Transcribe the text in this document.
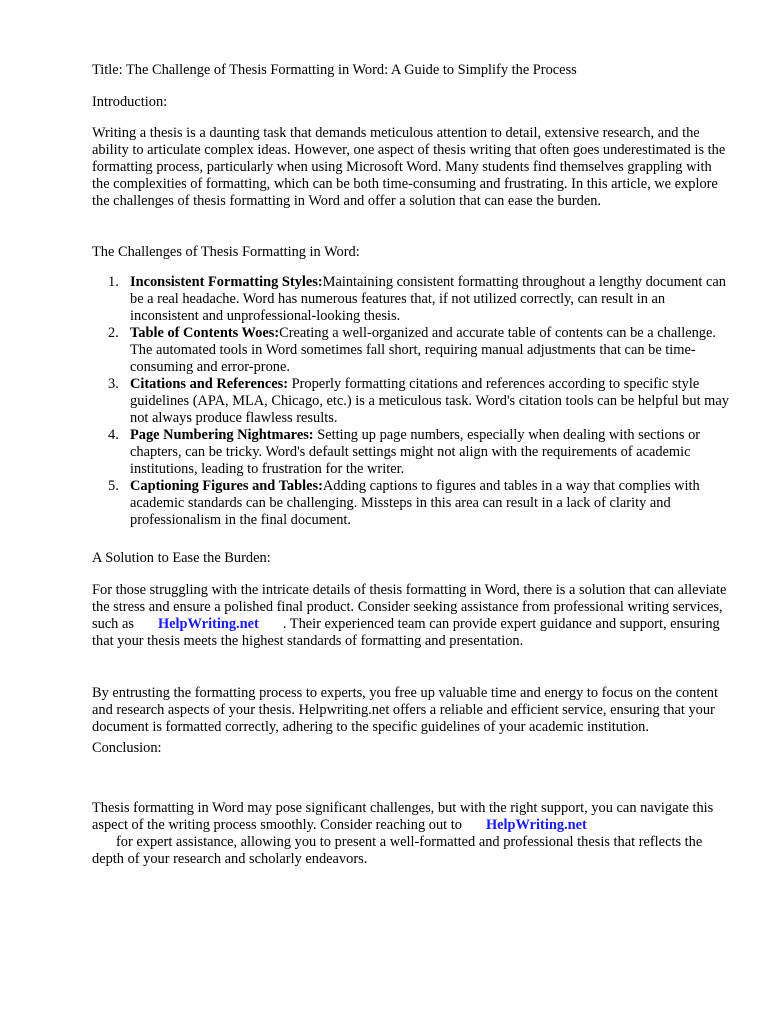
Title: The Challenge of Thesis Formatting in Word: A Guide to Simplify the Process

Introduction:

Writing a thesis is a daunting task that demands meticulous attention to detail, extensive research, and the ability to articulate complex ideas. However, one aspect of thesis writing that often goes underestimated is the formatting process, particularly when using Microsoft Word. Many students find themselves grappling with the complexities of formatting, which can be both time-consuming and frustrating. In this article, we explore the challenges of thesis formatting in Word and offer a solution that can ease the burden.

The Challenges of Thesis Formatting in Word:

1. Inconsistent Formatting Styles:Maintaining consistent formatting throughout a lengthy document can be a real headache. Word has numerous features that, if not utilized correctly, can result in an inconsistent and unprofessional-looking thesis.
2. Table of Contents Woes:Creating a well-organized and accurate table of contents can be a challenge. The automated tools in Word sometimes fall short, requiring manual adjustments that can be time-consuming and error-prone.
3. Citations and References: Properly formatting citations and references according to specific style guidelines (APA, MLA, Chicago, etc.) is a meticulous task. Word's citation tools can be helpful but may not always produce flawless results.
4. Page Numbering Nightmares: Setting up page numbers, especially when dealing with sections or chapters, can be tricky. Word's default settings might not align with the requirements of academic institutions, leading to frustration for the writer.
5. Captioning Figures and Tables:Adding captions to figures and tables in a way that complies with academic standards can be challenging. Missteps in this area can result in a lack of clarity and professionalism in the final document.

A Solution to Ease the Burden:

For those struggling with the intricate details of thesis formatting in Word, there is a solution that can alleviate the stress and ensure a polished final product. Consider seeking assistance from professional writing services, such as HelpWriting.net . Their experienced team can provide expert guidance and support, ensuring that your thesis meets the highest standards of formatting and presentation.

By entrusting the formatting process to experts, you free up valuable time and energy to focus on the content and research aspects of your thesis. Helpwriting.net offers a reliable and efficient service, ensuring that your document is formatted correctly, adhering to the specific guidelines of your academic institution.

Conclusion:

Thesis formatting in Word may pose significant challenges, but with the right support, you can navigate this aspect of the writing process smoothly. Consider reaching out to HelpWriting.net
for expert assistance, allowing you to present a well-formatted and professional thesis that reflects the depth of your research and scholarly endeavors.
